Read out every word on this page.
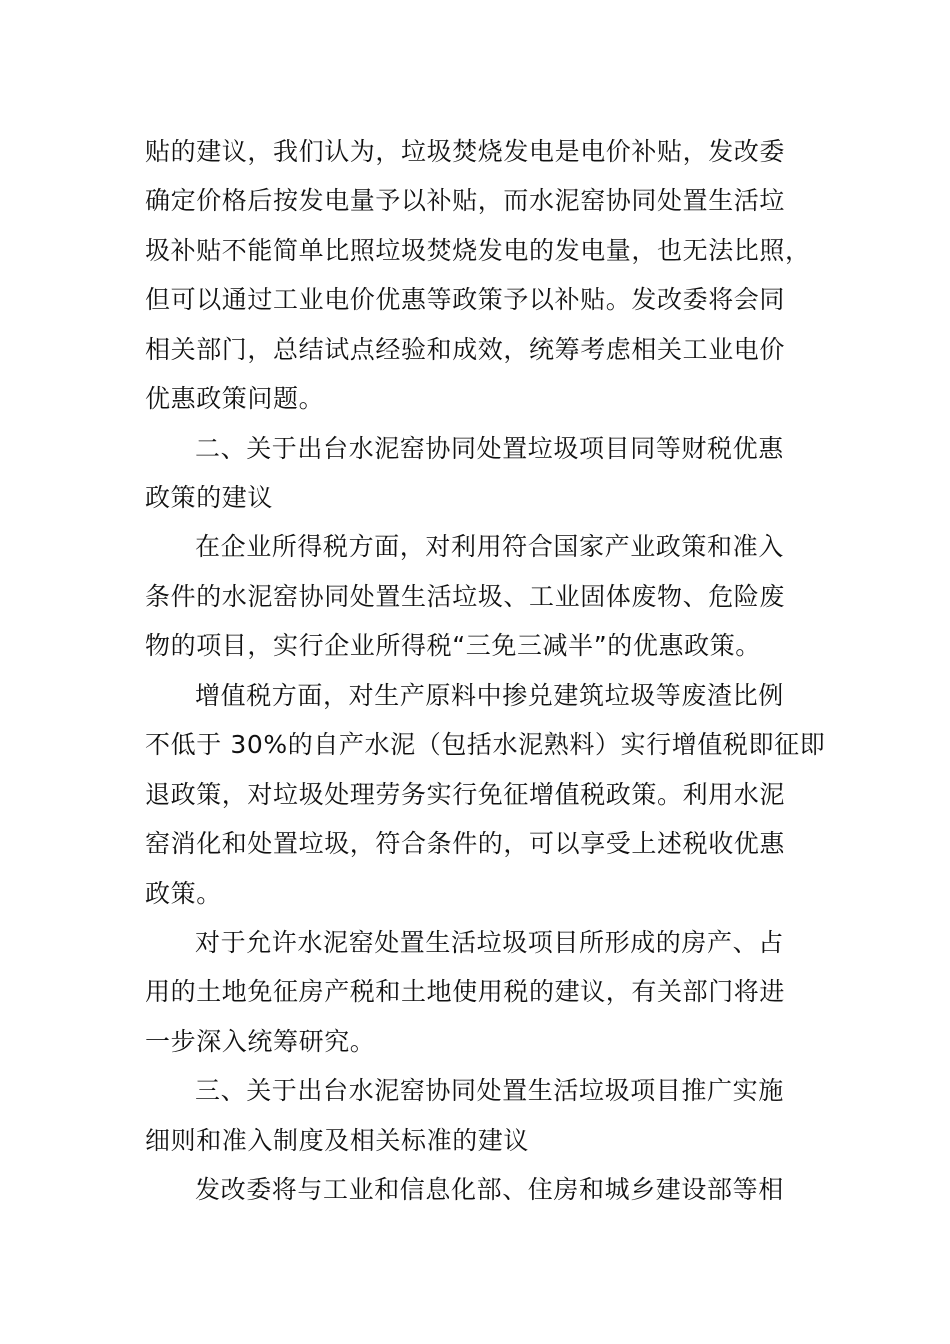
贴的建议，我们认为，垃圾焚烧发电是电价补贴，发改委
确定价格后按发电量予以补贴，而水泥窑协同处置生活垃
圾补贴不能简单比照垃圾焚烧发电的发电量，也无法比照，
但可以通过工业电价优惠等政策予以补贴。发改委将会同
相关部门，总结试点经验和成效，统筹考虑相关工业电价
优惠政策问题。
二、关于出台水泥窑协同处置垃圾项目同等财税优惠
政策的建议
在企业所得税方面，对利用符合国家产业政策和准入
条件的水泥窑协同处置生活垃圾、工业固体废物、危险废
物的项目，实行企业所得税“三免三减半”的优惠政策。
增值税方面，对生产原料中掺兑建筑垃圾等废渣比例
不低于 30%的自产水泥（包括水泥熟料）实行增值税即征即
退政策，对垃圾处理劳务实行免征增值税政策。利用水泥
窑消化和处置垃圾，符合条件的，可以享受上述税收优惠
政策。
对于允许水泥窑处置生活垃圾项目所形成的房产、占
用的土地免征房产税和土地使用税的建议，有关部门将进
一步深入统筹研究。
三、关于出台水泥窑协同处置生活垃圾项目推广实施
细则和准入制度及相关标准的建议
发改委将与工业和信息化部、住房和城乡建设部等相
